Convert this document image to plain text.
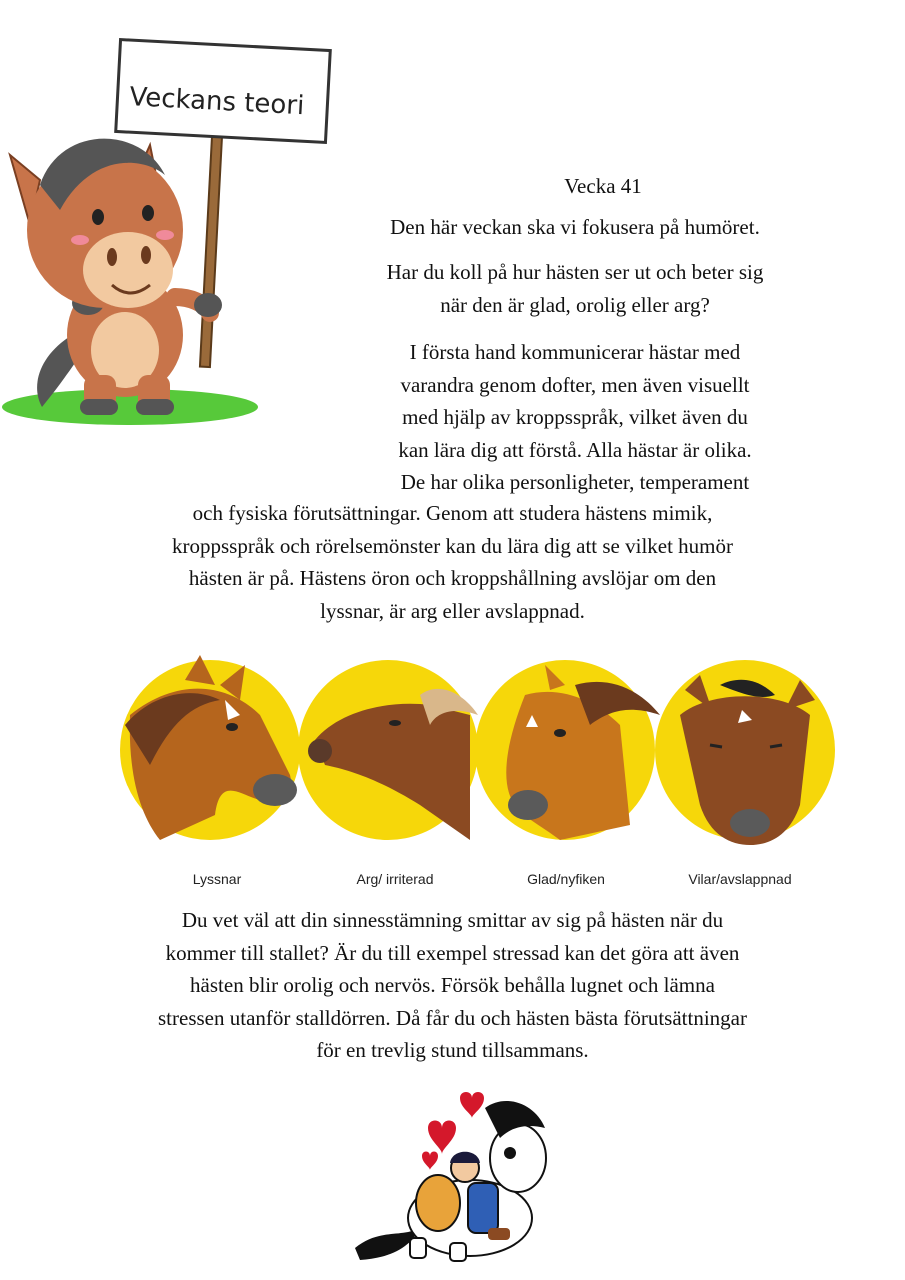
Veckans teori
Vecka 41
Den här veckan ska vi fokusera på humöret.
Har du koll på hur hästen ser ut och beter sig
när den är glad, orolig eller arg?
I första hand kommunicerar hästar med
varandra genom dofter, men även visuellt
med hjälp av kroppsspråk, vilket även du
kan lära dig att förstå. Alla hästar är olika.
De har olika personligheter, temperament
och fysiska förutsättningar. Genom att studera hästens mimik,
kroppsspråk och rörelsemönster kan du lära dig att se vilket humör
hästen är på. Hästens öron och kroppshållning avslöjar om den
lyssnar, är arg eller avslappnad.
Lyssnar	Arg/ irriterad	Glad/nyfiken	Vilar/avslappnad
Du vet väl att din sinnesstämning smittar av sig på hästen när du
kommer till stallet? Är du till exempel stressad kan det göra att även
hästen blir orolig och nervös. Försök behålla lugnet och lämna
stressen utanför stalldörren. Då får du och hästen bästa förutsättningar
för en trevlig stund tillsammans.
